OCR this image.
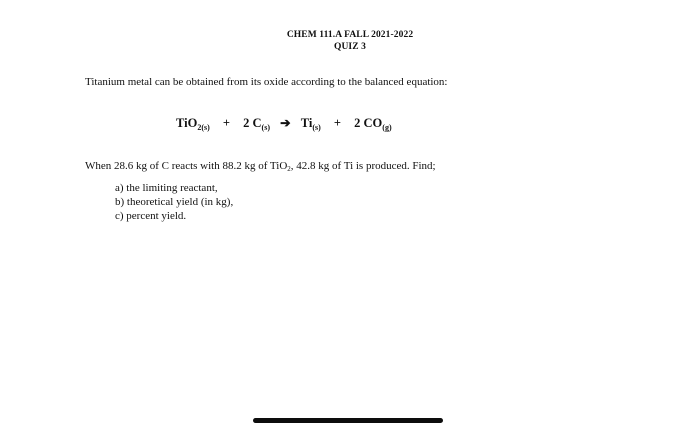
CHEM 111.A FALL 2021-2022
QUIZ 3
Titanium metal can be obtained from its oxide according to the balanced equation:
TiO$_{2(s)}$ + 2 $C_{(s)}$ ➔ $Ti_{(s)} + 2$ $CO_{(g)}$
When 28.6 kg of C reacts with 88.2 kg of TiO2, 42.8 kg of Ti is produced. Find;
a) the limiting reactant,
b) theoretical yield (in kg),
c) percent yield.
